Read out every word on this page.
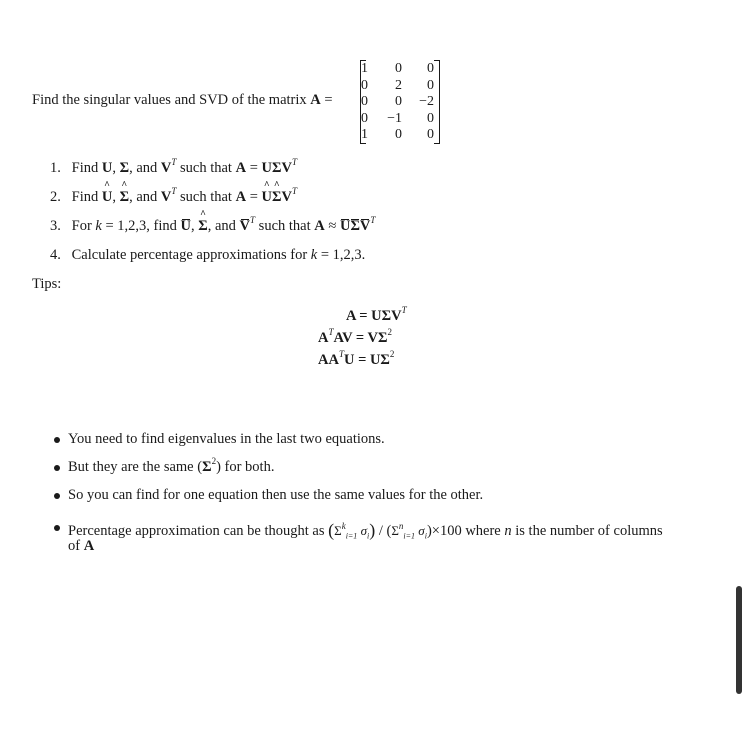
Find the singular values and SVD of the matrix A =
1	0	0
0	2	0
0	0	−2
0	−1	0
1	0	0
1. Find U, Σ, and $V^T$ such that $A = U\Sigma V^T$
2. Find ^ U, ^ Σ, and $V^T$ such that A = ^ U^ $\Sigma V^T$
3. For k = 1,2,3, find U, ^ Σ, and $V^T$ such that $A \approx U\Sigma V^T$
4. Calculate percentage approximations for k = 1,2,3.
Tips:
$A = U\Sigma V^T$
$A^TAV = V\Sigma^2$
$AA^TU = U\Sigma^2$
You need to find eigenvalues in the last two equations.
But they are the same $(\Sigma^2)$ for both.
So you can find for one equation then use the same values for the other.
Percentage approximation can be thought as ($\Sigma^k_{i=1}$ $\sigma_i) / (\Sigma^n_{i=1}$ $\sigma_i)\times 100$ where n is the number of columns
of A
